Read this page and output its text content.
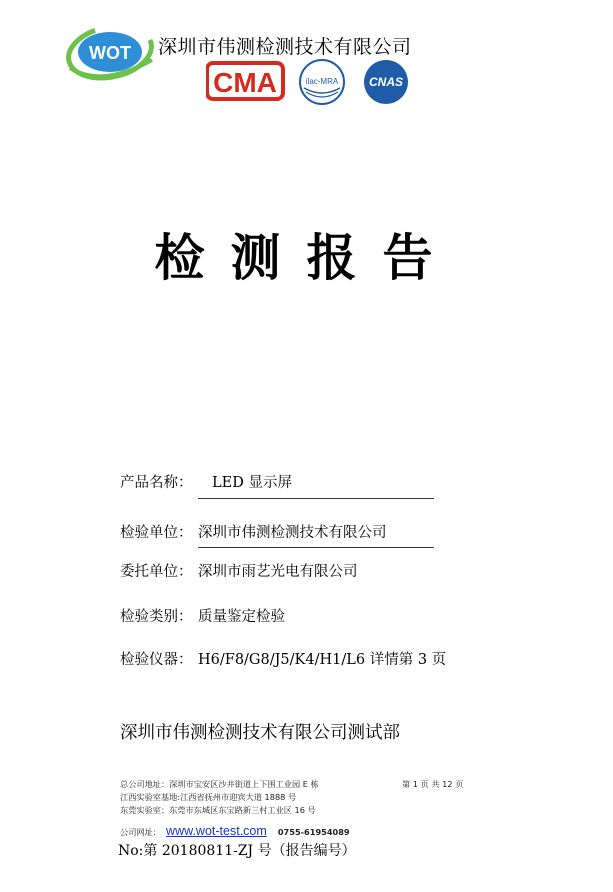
WOT 深圳市伟测检测技术有限公司
CMA	ilac-MRA	CNAS
检测报告
产品名称： LED 显示屏
检验单位： 深圳市伟测检测技术有限公司
委托单位： 深圳市雨艺光电有限公司
检验类别： 质量鉴定检验
检验仪器： H6/F8/G8/J5/K4/H1/L6 详情第 3 页
深圳市伟测检测技术有限公司测试部
总公司地址：深圳市宝安区沙井街道上下围工业园 E 栋	第 1 页 共 12 页
江西实验室基地:江西省抚州市迎宾大道 1888 号
东莞实验室：东莞市东城区东宝路新三村工业区 16 号
公司网址： www.wot-test.com 0755-61954089
No:第 20180811-ZJ 号（报告编号）
